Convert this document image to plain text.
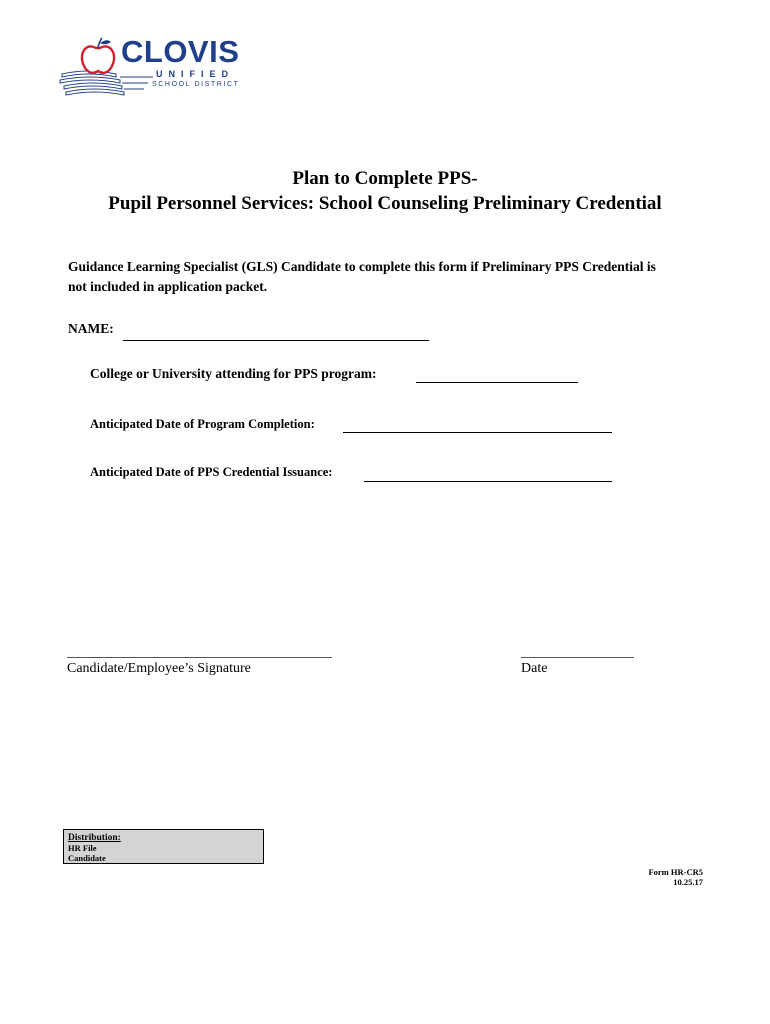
CLOVIS
UNIFIED
SCHOOL DISTRICT
Plan to Complete PPS-
Pupil Personnel Services: School Counseling Preliminary Credential
Guidance Learning Specialist (GLS) Candidate to complete this form if Preliminary PPS Credential is not included in application packet.
NAME:
College or University attending for PPS program:
Anticipated Date of Program Completion:
Anticipated Date of PPS Credential Issuance:
Candidate/Employee’s Signature	Date
Distribution:
HR File
Candidate
Form HR-CR5
10.25.17
